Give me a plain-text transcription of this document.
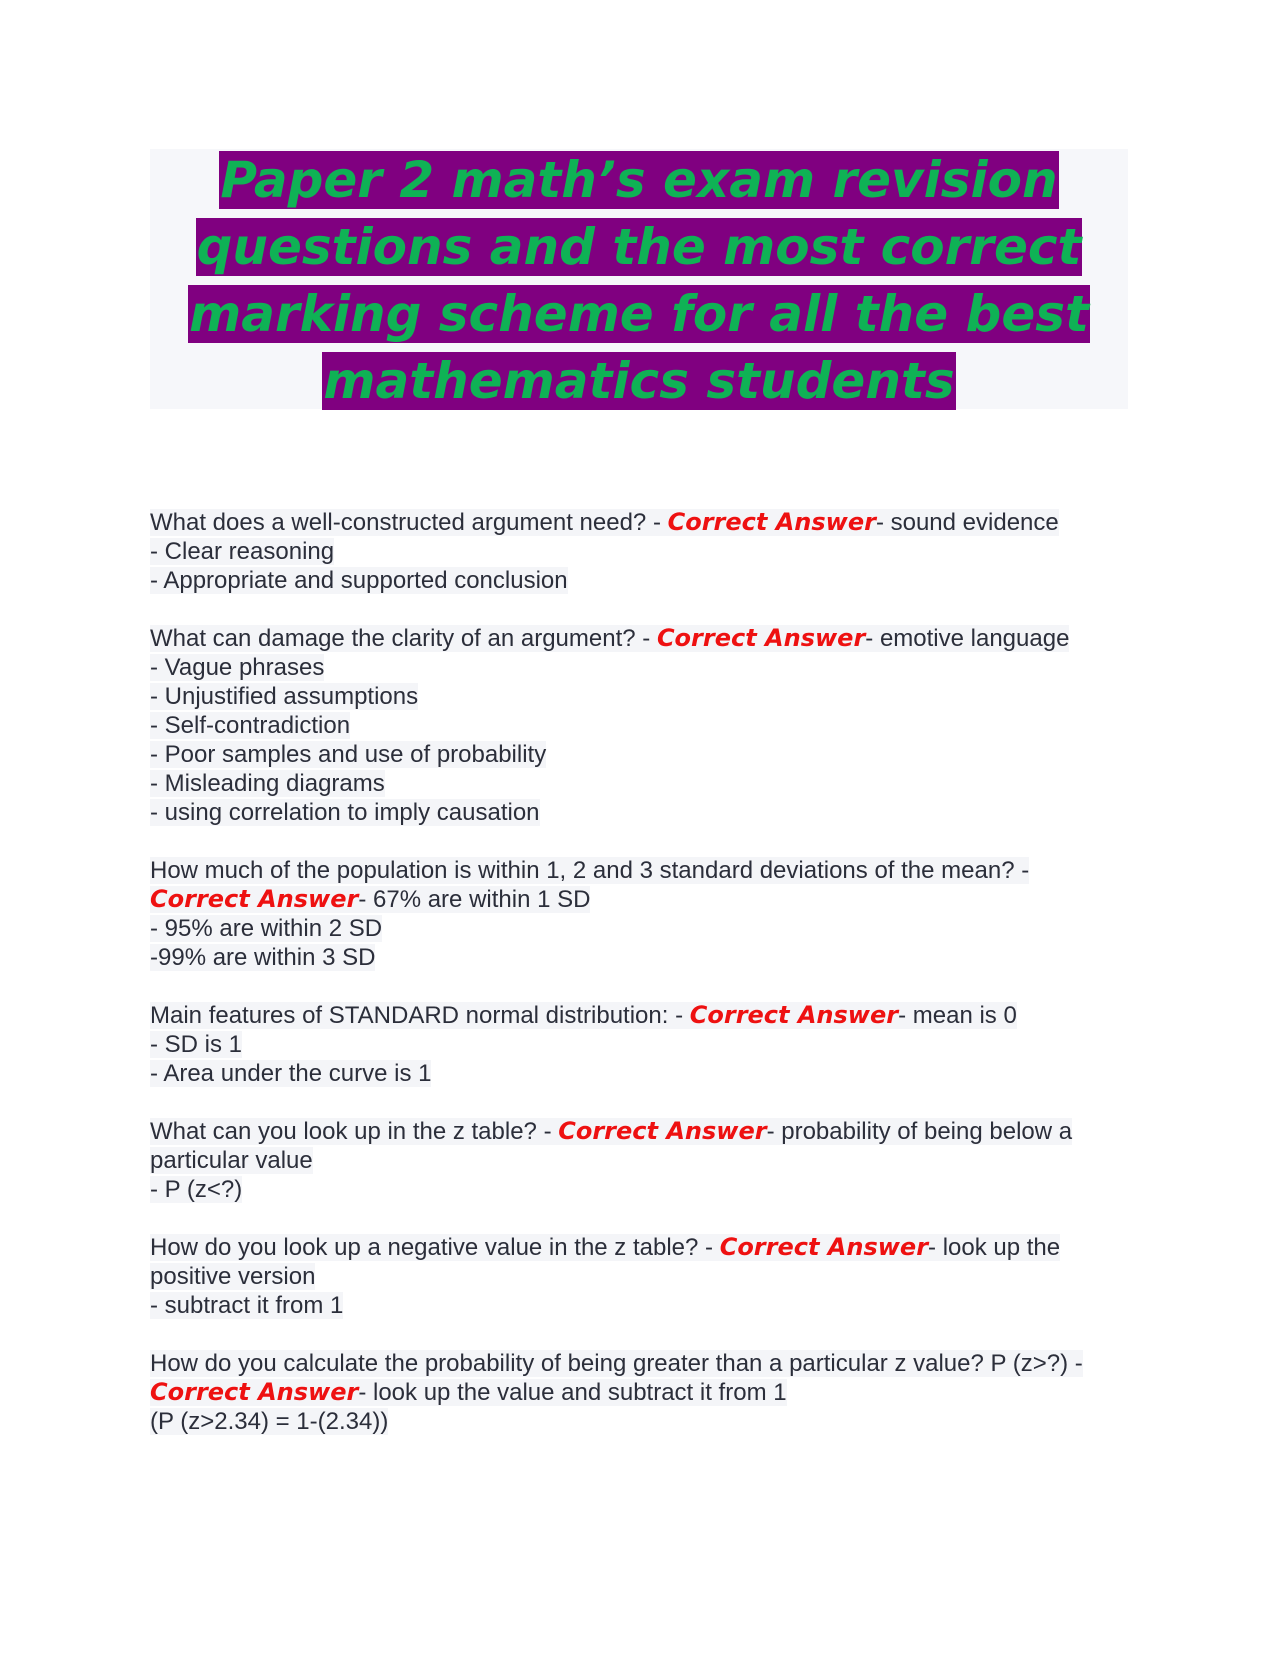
Paper 2 math’s exam revision
questions and the most correct
marking scheme for all the best
mathematics students
What does a well-constructed argument need? - Correct Answer- sound evidence
- Clear reasoning
- Appropriate and supported conclusion
What can damage the clarity of an argument? - Correct Answer- emotive language
- Vague phrases
- Unjustified assumptions
- Self-contradiction
- Poor samples and use of probability
- Misleading diagrams
- using correlation to imply causation
How much of the population is within 1, 2 and 3 standard deviations of the mean? -
Correct Answer- 67% are within 1 SD
- 95% are within 2 SD
-99% are within 3 SD
Main features of STANDARD normal distribution: - Correct Answer- mean is 0
- SD is 1
- Area under the curve is 1
What can you look up in the z table? - Correct Answer- probability of being below a
particular value
- P (z<?)
How do you look up a negative value in the z table? - Correct Answer- look up the
positive version
- subtract it from 1
How do you calculate the probability of being greater than a particular z value? P (z>?) -
Correct Answer- look up the value and subtract it from 1
(P (z>2.34) = 1-(2.34))
